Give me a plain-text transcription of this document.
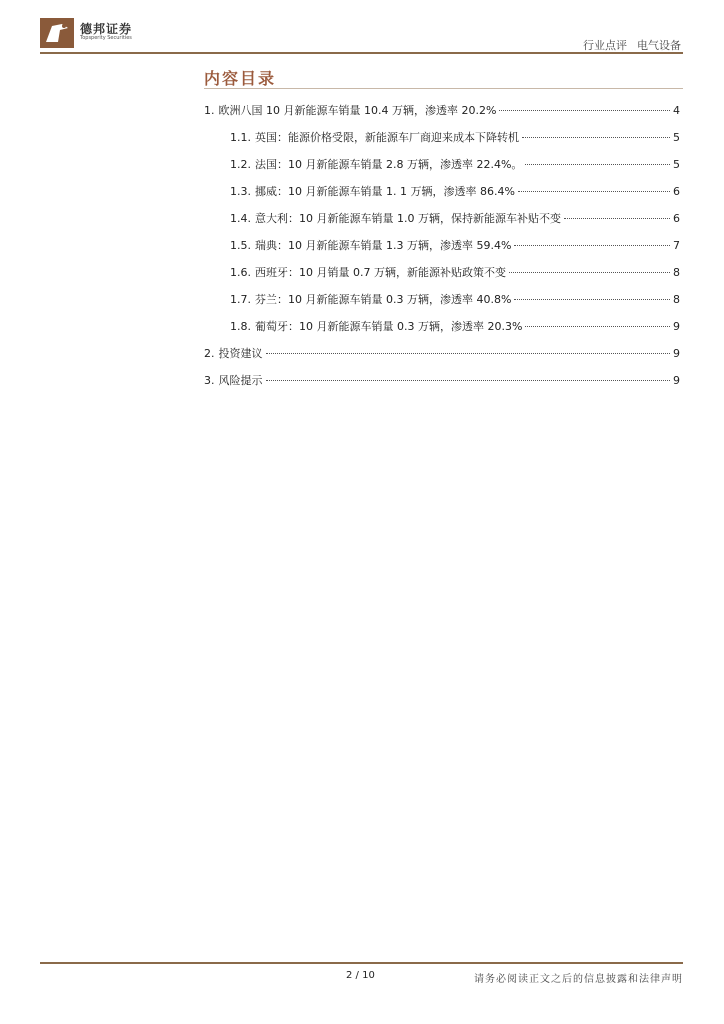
德邦证券
Topsperity Securities
行业点评 电气设备
内容目录
1. 欧洲八国 10 月新能源车销量 10.4 万辆，渗透率 20.2%	4
1.1. 英国：能源价格受限，新能源车厂商迎来成本下降转机	5
1.2. 法国：10 月新能源车销量 2.8 万辆，渗透率 22.4%。	5
1.3. 挪威：10 月新能源车销量 1. 1 万辆，渗透率 86.4%	6
1.4. 意大利：10 月新能源车销量 1.0 万辆，保持新能源车补贴不变	6
1.5. 瑞典：10 月新能源车销量 1.3 万辆，渗透率 59.4%	7
1.6. 西班牙：10 月销量 0.7 万辆，新能源补贴政策不变	8
1.7. 芬兰：10 月新能源车销量 0.3 万辆，渗透率 40.8%	8
1.8. 葡萄牙：10 月新能源车销量 0.3 万辆，渗透率 20.3%	9
2. 投资建议	9
3. 风险提示	9
2 / 10	请务必阅读正文之后的信息披露和法律声明
